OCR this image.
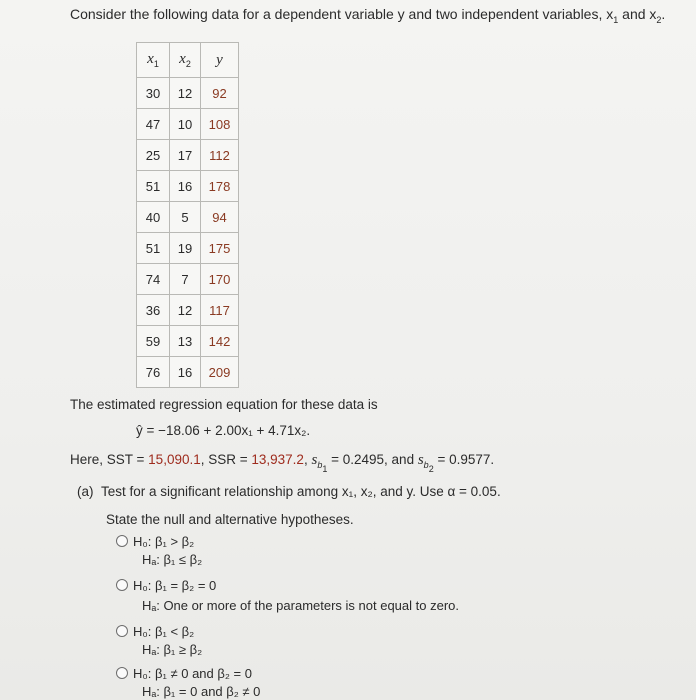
Consider the following data for a dependent variable y and two independent variables, $x_1$ and $x_2$.
$x_1$	$x_2$	y
30	12	92
47	10	108
25	17	112
51	16	178
40	5	94
51	19	175
74	7	170
36	12	117
59	13	142
76	16	209
The estimated regression equation for these data is
ŷ = −18.06 + 2.00x₁ + 4.71x₂.
Here, SST = 15,090.1, SSR = 13,937.2, $s_{b_1} = 0.2495$, and $s_{b_2} = 0.9577$.
(a) Test for a significant relationship among x₁, x₂, and y. Use α = 0.05.
State the null and alternative hypotheses.
H₀: β₁ > β₂
Hₐ: β₁ ≤ β₂
H₀: β₁ = β₂ = 0
Hₐ: One or more of the parameters is not equal to zero.
H₀: β₁ < β₂
Hₐ: β₁ ≥ β₂
H₀: β₁ ≠ 0 and β₂ = 0
Hₐ: β₁ = 0 and β₂ ≠ 0
